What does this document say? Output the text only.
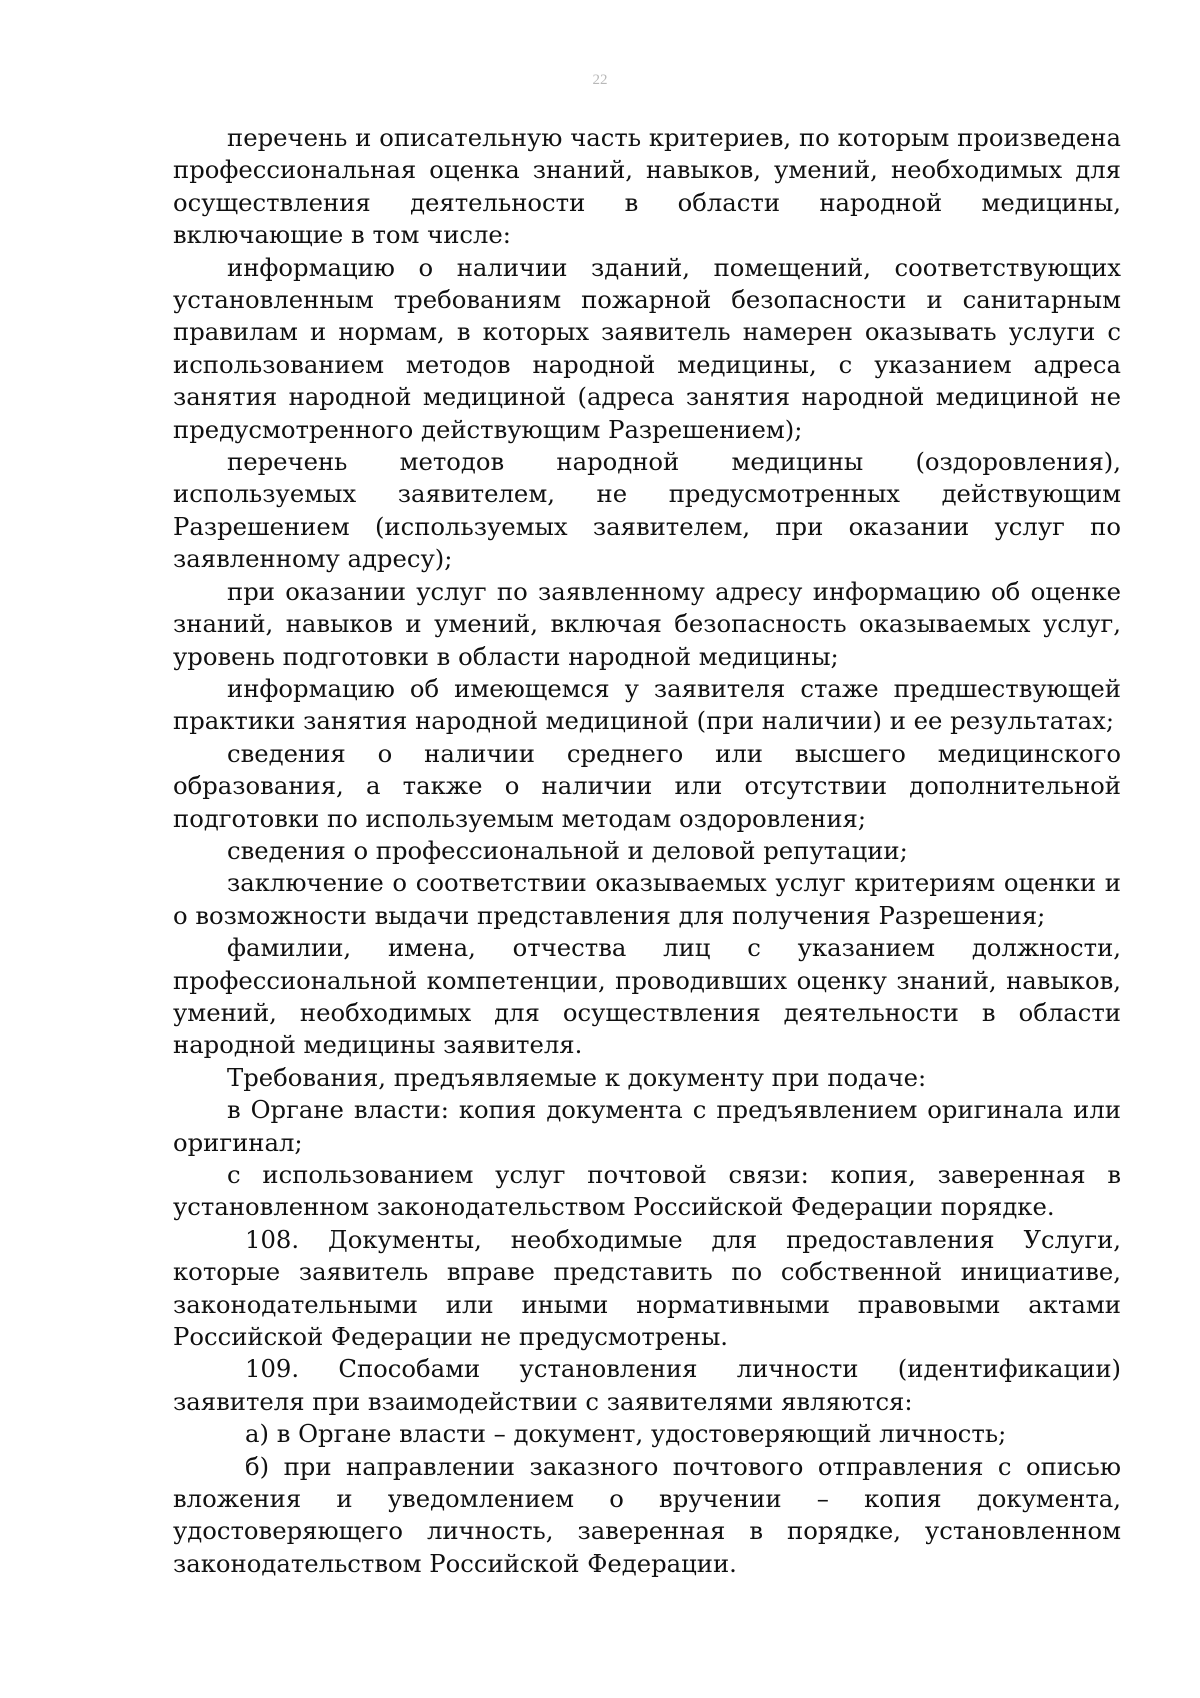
22

перечень и описательную часть критериев, по которым произведена профессиональная оценка знаний, навыков, умений, необходимых для осуществления деятельности в области народной медицины, включающие в том числе:

информацию о наличии зданий, помещений, соответствующих установленным требованиям пожарной безопасности и санитарным правилам и нормам, в которых заявитель намерен оказывать услуги с использованием методов народной медицины, с указанием адреса занятия народной медициной (адреса занятия народной медициной не предусмотренного действующим Разрешением);

перечень методов народной медицины (оздоровления), используемых заявителем, не предусмотренных действующим Разрешением (используемых заявителем, при оказании услуг по заявленному адресу);

при оказании услуг по заявленному адресу информацию об оценке знаний, навыков и умений, включая безопасность оказываемых услуг, уровень подготовки в области народной медицины;

информацию об имеющемся у заявителя стаже предшествующей практики занятия народной медициной (при наличии) и ее результатах;

сведения о наличии среднего или высшего медицинского образования, а также о наличии или отсутствии дополнительной подготовки по используемым методам оздоровления;

сведения о профессиональной и деловой репутации;

заключение о соответствии оказываемых услуг критериям оценки и о возможности выдачи представления для получения Разрешения;

фамилии, имена, отчества лиц с указанием должности, профессиональной компетенции, проводивших оценку знаний, навыков, умений, необходимых для осуществления деятельности в области народной медицины заявителя.

Требования, предъявляемые к документу при подаче:

в Органе власти: копия документа с предъявлением оригинала или оригинал;

с использованием услуг почтовой связи: копия, заверенная в установленном законодательством Российской Федерации порядке.

108. Документы, необходимые для предоставления Услуги, которые заявитель вправе представить по собственной инициативе, законодательными или иными нормативными правовыми актами Российской Федерации не предусмотрены.

109. Способами установления личности (идентификации) заявителя при взаимодействии с заявителями являются:

а) в Органе власти – документ, удостоверяющий личность;

б) при направлении заказного почтового отправления с описью вложения и уведомлением о вручении – копия документа, удостоверяющего личность, заверенная в порядке, установленном законодательством Российской Федерации.
